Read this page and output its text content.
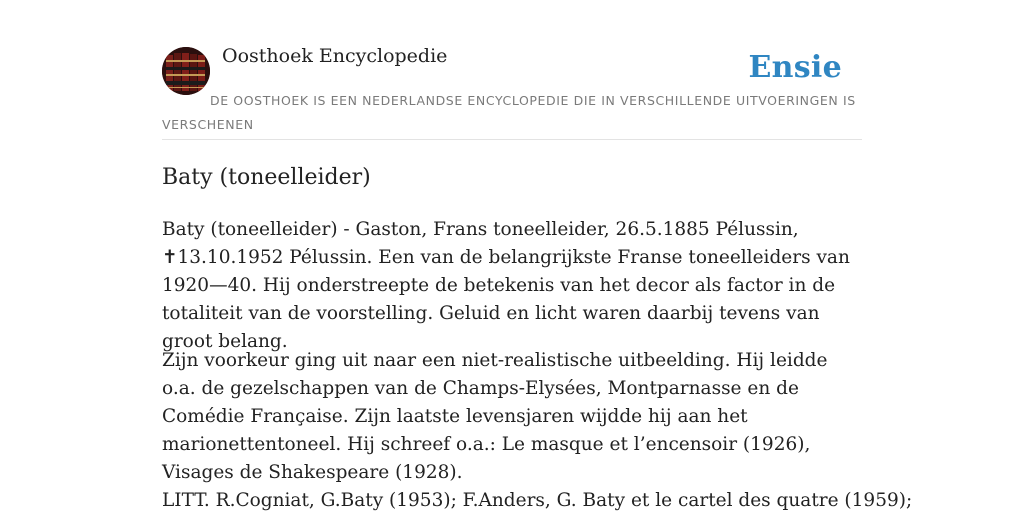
Oosthoek Encyclopedie	Ensie
DE OOSTHOEK IS EEN NEDERLANDSE ENCYCLOPEDIE DIE IN VERSCHILLENDE UITVOERINGEN IS VERSCHENEN
Baty (toneelleider)

Baty (toneelleider) - Gaston, Frans toneelleider, 26.5.1885 Pélussin, ✝13.10.1952 Pélussin. Een van de belangrijkste Franse toneelleiders van 1920—40. Hij onderstreepte de betekenis van het decor als factor in de totaliteit van de voorstelling. Geluid en licht waren daarbij tevens van groot belang.

Zijn voorkeur ging uit naar een niet-realistische uitbeelding. Hij leidde o.a. de gezelschappen van de Champs-Elysées, Montparnasse en de Comédie Française. Zijn laatste levensjaren wijdde hij aan het marionettentoneel. Hij schreef o.a.: Le masque et l’encensoir (1926), Visages de Shakespeare (1928).

LITT. R.Cogniat, G.Baty (1953); F.Anders, G. Baty et le cartel des quatre (1959);
